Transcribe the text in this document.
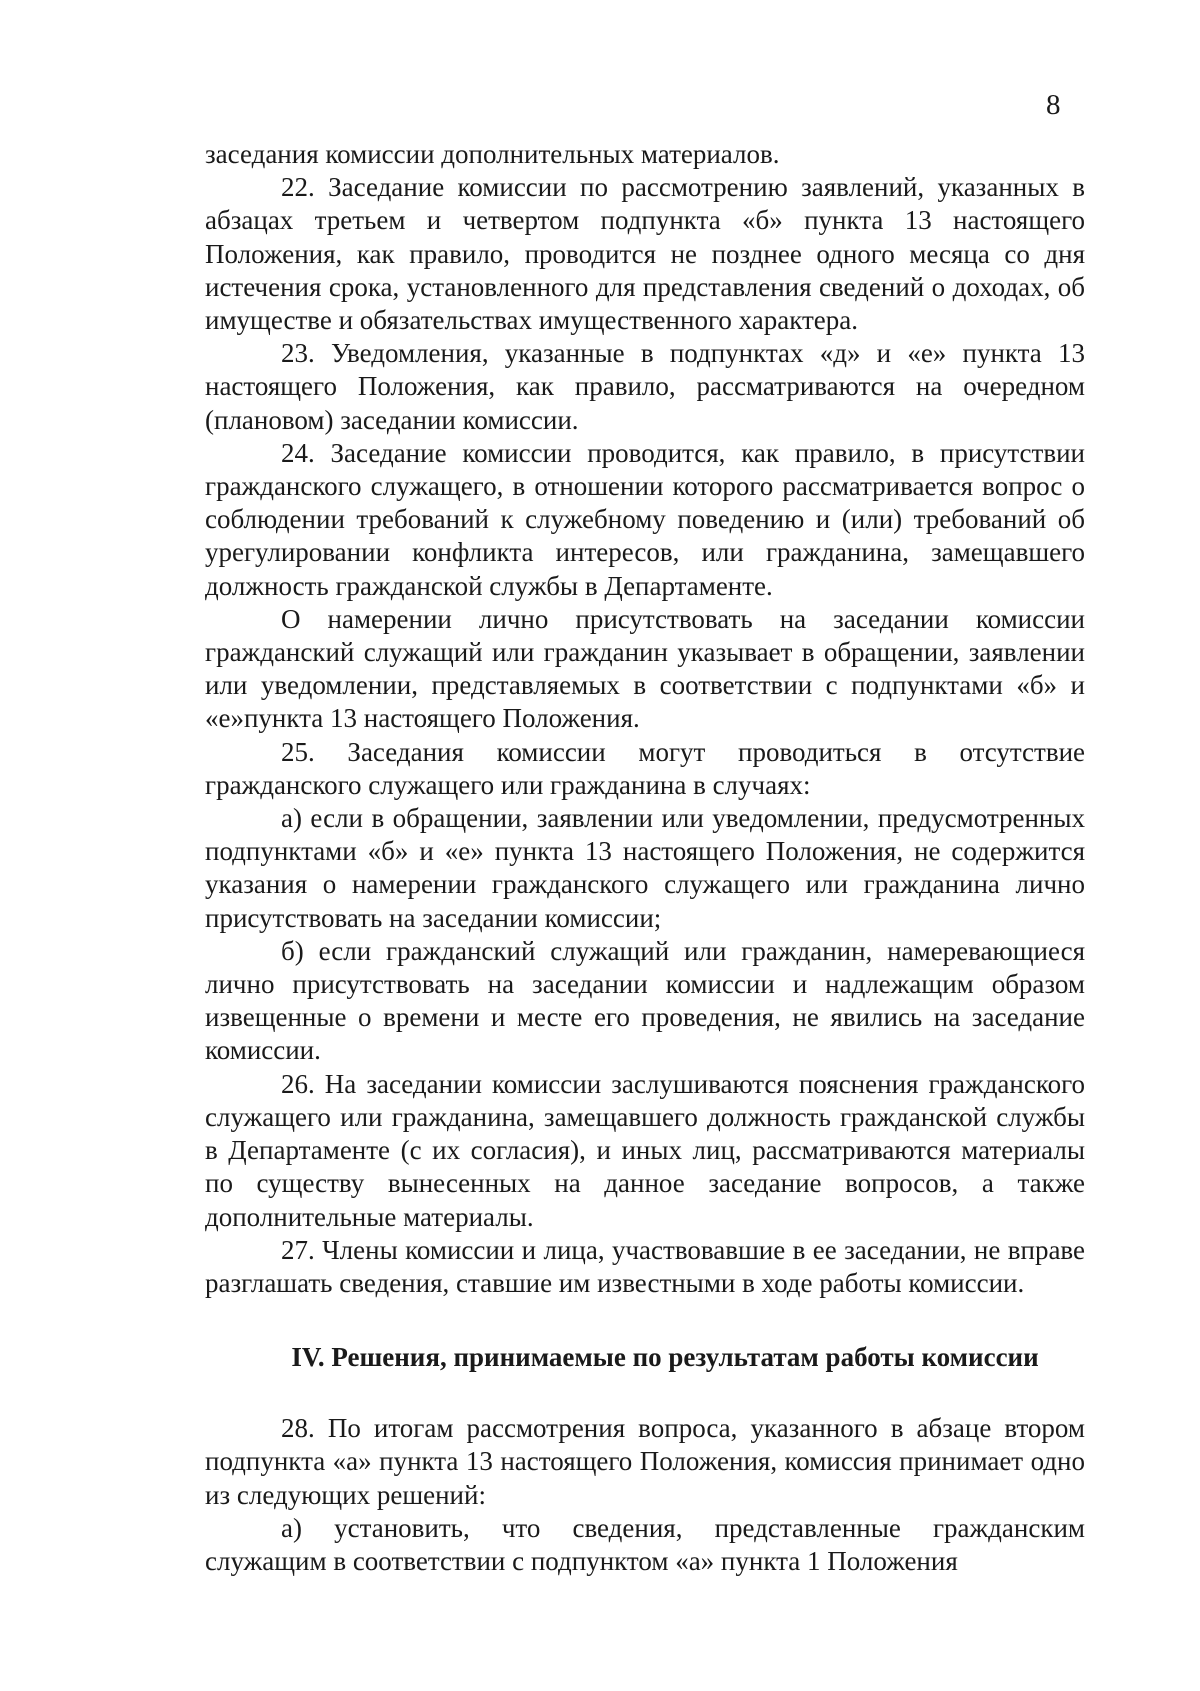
8

заседания комиссии дополнительных материалов.

22. Заседание комиссии по рассмотрению заявлений, указанных в абзацах третьем и четвертом подпункта «б» пункта 13 настоящего Положения, как правило, проводится не позднее одного месяца со дня истечения срока, установленного для представления сведений о доходах, об имуществе и обязательствах имущественного характера.

23. Уведомления, указанные в подпунктах «д» и «е» пункта 13 настоящего Положения, как правило, рассматриваются на очередном (плановом) заседании комиссии.

24. Заседание комиссии проводится, как правило, в присутствии гражданского служащего, в отношении которого рассматривается вопрос о соблюдении требований к служебному поведению и (или) требований об урегулировании конфликта интересов, или гражданина, замещавшего должность гражданской службы в Департаменте.

О намерении лично присутствовать на заседании комиссии гражданский служащий или гражданин указывает в обращении, заявлении или уведомлении, представляемых в соответствии с подпунктами «б» и «е»пункта 13 настоящего Положения.

25. Заседания комиссии могут проводиться в отсутствие гражданского служащего или гражданина в случаях:

а) если в обращении, заявлении или уведомлении, предусмотренных подпунктами «б» и «е» пункта 13 настоящего Положения, не содержится указания о намерении гражданского служащего или гражданина лично присутствовать на заседании комиссии;

б) если гражданский служащий или гражданин, намеревающиеся лично присутствовать на заседании комиссии и надлежащим образом извещенные о времени и месте его проведения, не явились на заседание комиссии.

26. На заседании комиссии заслушиваются пояснения гражданского служащего или гражданина, замещавшего должность гражданской службы в Департаменте (с их согласия), и иных лиц, рассматриваются материалы по существу вынесенных на данное заседание вопросов, а также дополнительные материалы.

27. Члены комиссии и лица, участвовавшие в ее заседании, не вправе разглашать сведения, ставшие им известными в ходе работы комиссии.

IV. Решения, принимаемые по результатам работы комиссии

28. По итогам рассмотрения вопроса, указанного в абзаце втором подпункта «а» пункта 13 настоящего Положения, комиссия принимает одно из следующих решений:

а) установить, что сведения, представленные гражданским служащим в соответствии с подпунктом «а» пункта 1 Положения
